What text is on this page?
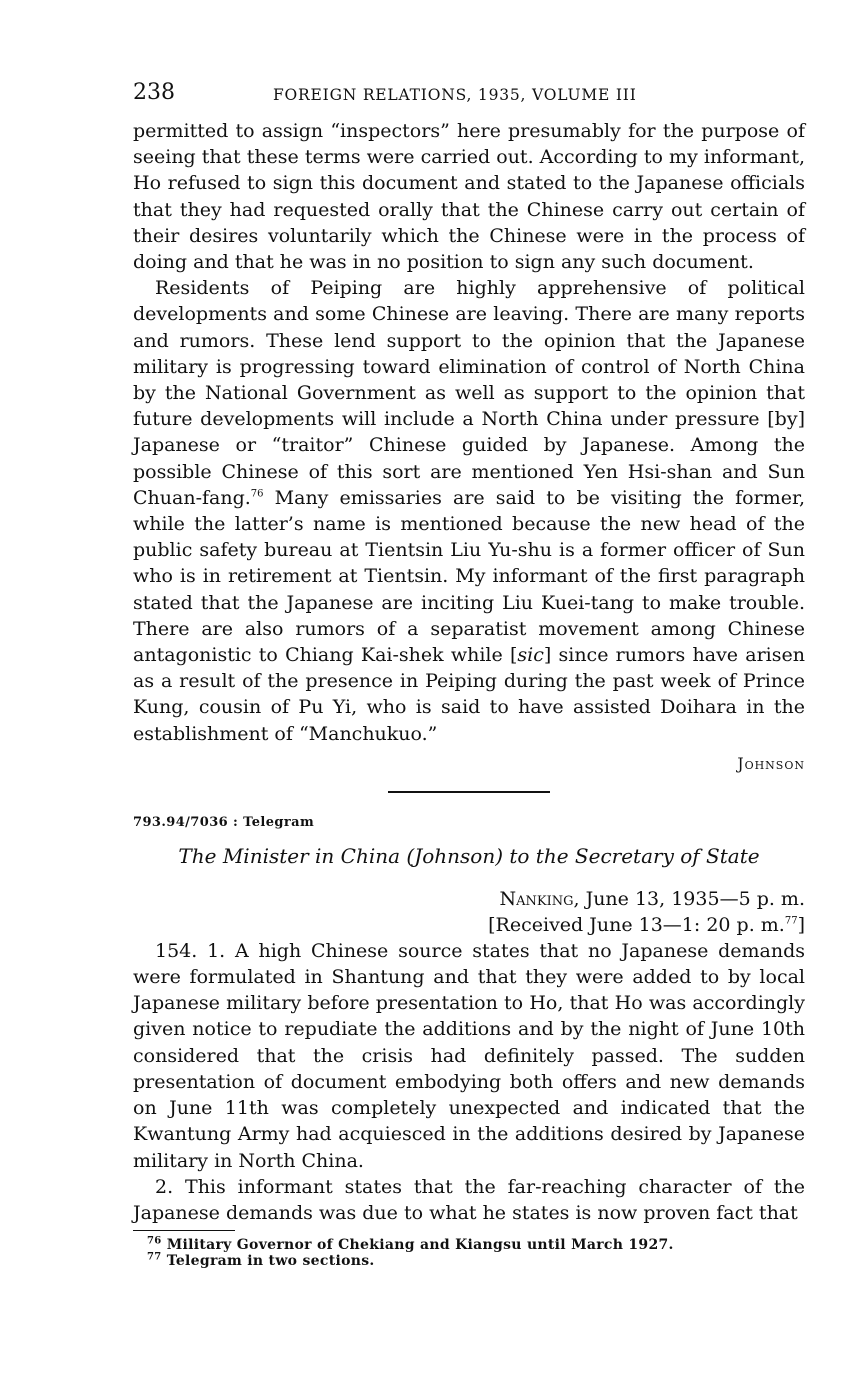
238	FOREIGN RELATIONS, 1935, VOLUME III

permitted to assign “inspectors” here presumably for the purpose of seeing that these terms were carried out. According to my informant, Ho refused to sign this document and stated to the Japanese officials that they had requested orally that the Chinese carry out certain of their desires voluntarily which the Chinese were in the process of doing and that he was in no position to sign any such document.

Residents of Peiping are highly apprehensive of political developments and some Chinese are leaving. There are many reports and rumors. These lend support to the opinion that the Japanese military is progressing toward elimination of control of North China by the National Government as well as support to the opinion that future developments will include a North China under pressure [by] Japanese or “traitor” Chinese guided by Japanese. Among the possible Chinese of this sort are mentioned Yen Hsi-shan and Sun Chuan-fang.$^{76}$ Many emissaries are said to be visiting the former, while the latter’s name is mentioned because the new head of the public safety bureau at Tientsin Liu Yu-shu is a former officer of Sun who is in retirement at Tientsin. My informant of the first paragraph stated that the Japanese are inciting Liu Kuei-tang to make trouble. There are also rumors of a separatist movement among Chinese antagonistic to Chiang Kai-shek while [sic] since rumors have arisen as a result of the presence in Peiping during the past week of Prince Kung, cousin of Pu Yi, who is said to have assisted Doihara in the establishment of “Manchukuo.”

Johnson
793.94/7036 : Telegram
The Minister in China (Johnson) to the Secretary of State
Nanking, June 13, 1935—5 p. m.
[Received June 13—1: 20 p. m.$^{77}$]

154. 1. A high Chinese source states that no Japanese demands were formulated in Shantung and that they were added to by local Japanese military before presentation to Ho, that Ho was accordingly given notice to repudiate the additions and by the night of June 10th considered that the crisis had definitely passed. The sudden presentation of document embodying both offers and new demands on June 11th was completely unexpected and indicated that the Kwantung Army had acquiesced in the additions desired by Japanese military in North China.

2. This informant states that the far-reaching character of the Japanese demands was due to what he states is now proven fact that

$^{76}$ Military Governor of Chekiang and Kiangsu until March 1927.
$^{77}$ Telegram in two sections.
